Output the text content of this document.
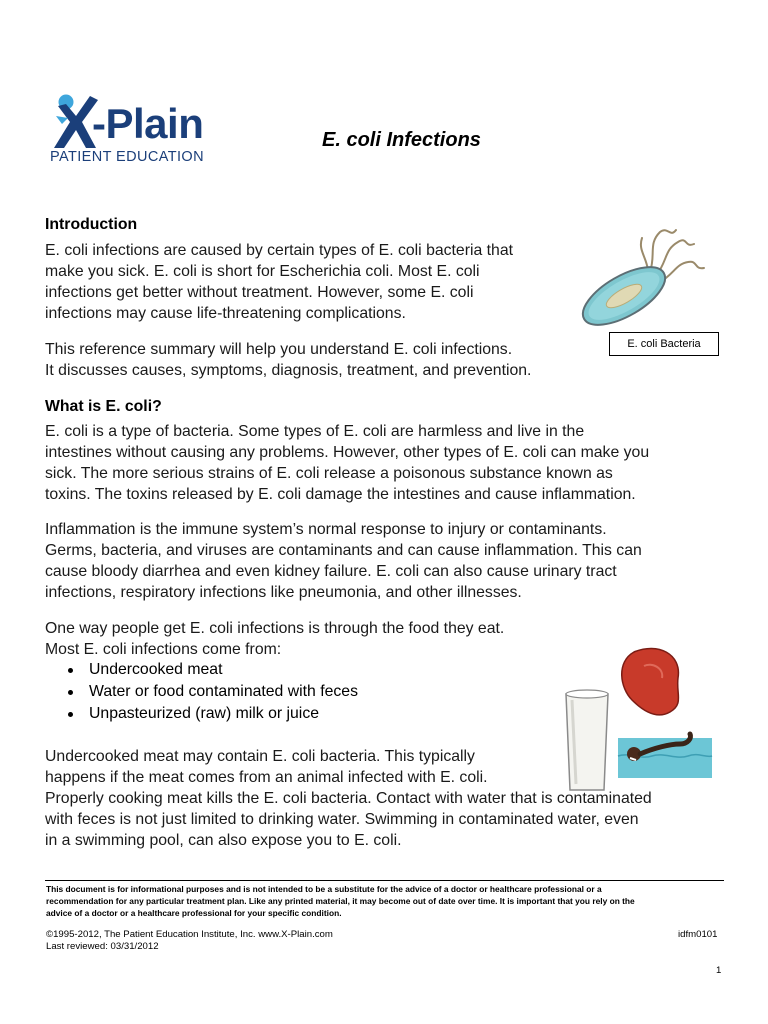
-Plain
PATIENT EDUCATION
E. coli Infections
Introduction
E. coli infections are caused by certain types of E. coli bacteria that
make you sick. E. coli is short for Escherichia coli. Most E. coli
infections get better without treatment. However, some E. coli
infections may cause life-threatening complications.
This reference summary will help you understand E. coli infections.
It discusses causes, symptoms, diagnosis, treatment, and prevention.
E. coli Bacteria
What is E. coli?
E. coli is a type of bacteria. Some types of E. coli are harmless and live in the
intestines without causing any problems. However, other types of E. coli can make you
sick. The more serious strains of E. coli release a poisonous substance known as
toxins. The toxins released by E. coli damage the intestines and cause inflammation.
Inflammation is the immune system’s normal response to injury or contaminants.
Germs, bacteria, and viruses are contaminants and can cause inflammation. This can
cause bloody diarrhea and even kidney failure. E. coli can also cause urinary tract
infections, respiratory infections like pneumonia, and other illnesses.
One way people get E. coli infections is through the food they eat.
Most E. coli infections come from:
Undercooked meat
Water or food contaminated with feces
Unpasteurized (raw) milk or juice
Undercooked meat may contain E. coli bacteria. This typically
happens if the meat comes from an animal infected with E. coli.
Properly cooking meat kills the E. coli bacteria. Contact with water that is contaminated
with feces is not just limited to drinking water. Swimming in contaminated water, even
in a swimming pool, can also expose you to E. coli.
This document is for informational purposes and is not intended to be a substitute for the advice of a doctor or healthcare professional or a
recommendation for any particular treatment plan. Like any printed material, it may become out of date over time. It is important that you rely on the
advice of a doctor or a healthcare professional for your specific condition.
©1995-2012, The Patient Education Institute, Inc. www.X-Plain.com	idfm0101
Last reviewed: 03/31/2012
1
